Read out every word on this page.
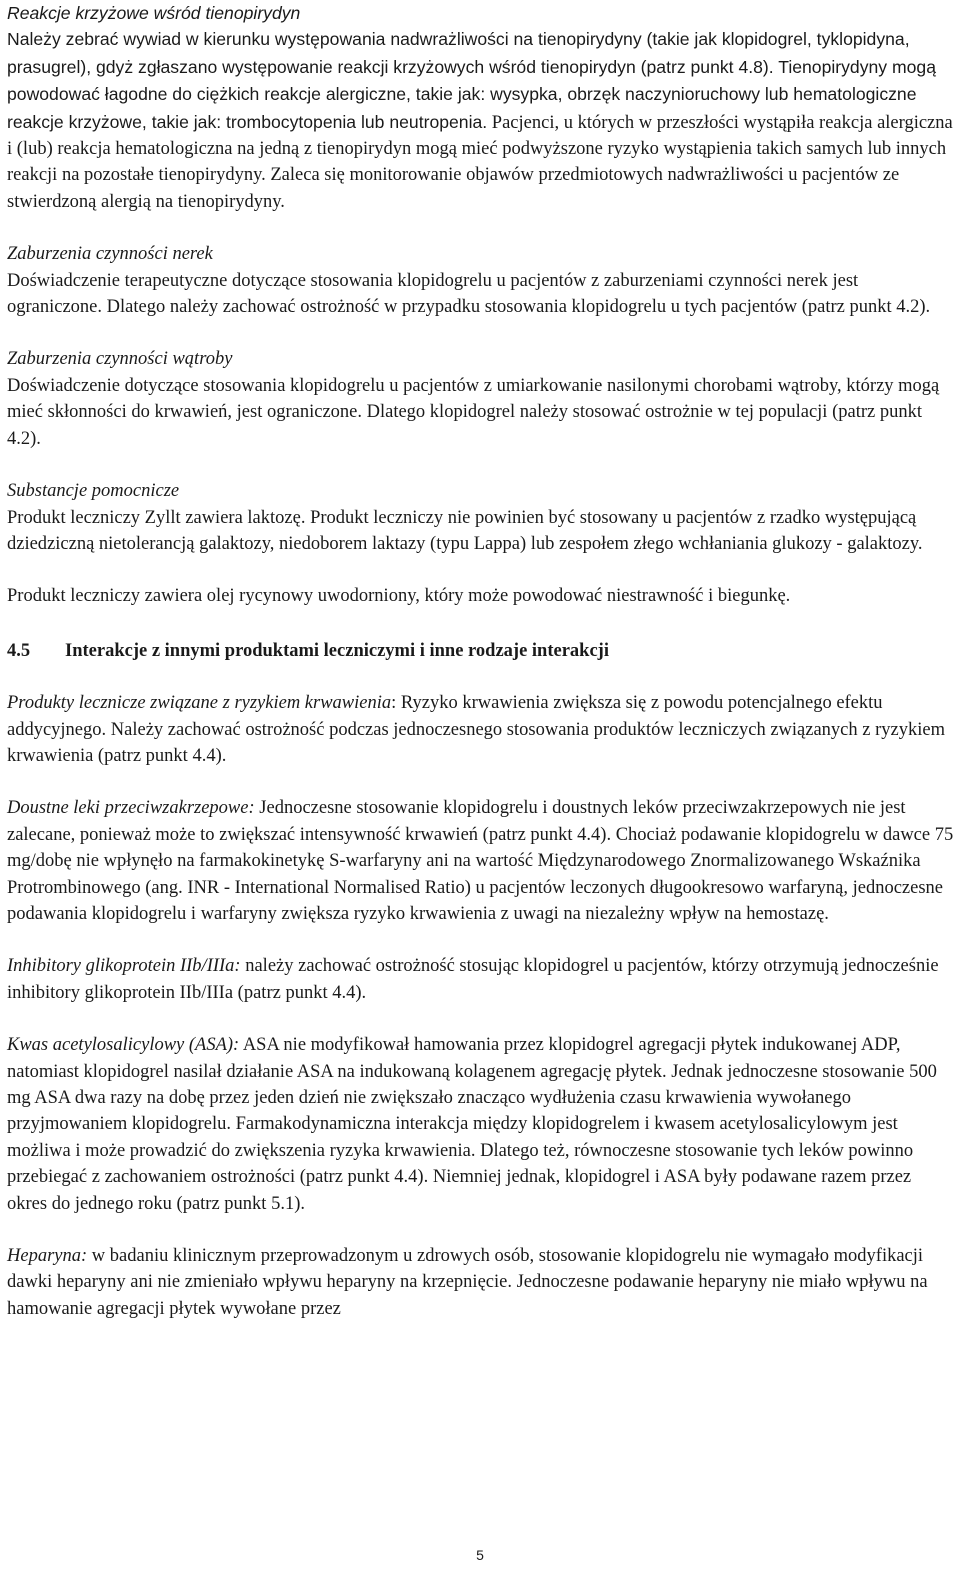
Reakcje krzyżowe wśród tienopirydyn

Należy zebrać wywiad w kierunku występowania nadwrażliwości na tienopirydyny (takie jak klopidogrel, tyklopidyna, prasugrel), gdyż zgłaszano występowanie reakcji krzyżowych wśród tienopirydyn (patrz punkt 4.8). Tienopirydyny mogą powodować łagodne do ciężkich reakcje alergiczne, takie jak: wysypka, obrzęk naczynioruchowy lub hematologiczne reakcje krzyżowe, takie jak: trombocytopenia lub neutropenia. Pacjenci, u których w przeszłości wystąpiła reakcja alergiczna i (lub) reakcja hematologiczna na jedną z tienopirydyn mogą mieć podwyższone ryzyko wystąpienia takich samych lub innych reakcji na pozostałe tienopirydyny. Zaleca się monitorowanie objawów przedmiotowych nadwrażliwości u pacjentów ze stwierdzoną alergią na tienopirydyny.

Zaburzenia czynności nerek

Doświadczenie terapeutyczne dotyczące stosowania klopidogrelu u pacjentów z zaburzeniami czynności nerek jest ograniczone. Dlatego należy zachować ostrożność w przypadku stosowania klopidogrelu u tych pacjentów (patrz punkt 4.2).

Zaburzenia czynności wątroby

Doświadczenie dotyczące stosowania klopidogrelu u pacjentów z umiarkowanie nasilonymi chorobami wątroby, którzy mogą mieć skłonności do krwawień, jest ograniczone. Dlatego klopidogrel należy stosować ostrożnie w tej populacji (patrz punkt 4.2).

Substancje pomocnicze

Produkt leczniczy Zyllt zawiera laktozę. Produkt leczniczy nie powinien być stosowany u pacjentów z rzadko występującą dziedziczną nietolerancją galaktozy, niedoborem laktazy (typu Lappa) lub zespołem złego wchłaniania glukozy - galaktozy.

Produkt leczniczy zawiera olej rycynowy uwodorniony, który może powodować niestrawność i biegunkę.

4.5 Interakcje z innymi produktami leczniczymi i inne rodzaje interakcji

Produkty lecznicze związane z ryzykiem krwawienia: Ryzyko krwawienia zwiększa się z powodu potencjalnego efektu addycyjnego. Należy zachować ostrożność podczas jednoczesnego stosowania produktów leczniczych związanych z ryzykiem krwawienia (patrz punkt 4.4).

Doustne leki przeciwzakrzepowe: Jednoczesne stosowanie klopidogrelu i doustnych leków przeciwzakrzepowych nie jest zalecane, ponieważ może to zwiększać intensywność krwawień (patrz punkt 4.4). Chociaż podawanie klopidogrelu w dawce 75 mg/dobę nie wpłynęło na farmakokinetykę S-warfaryny ani na wartość Międzynarodowego Znormalizowanego Wskaźnika Protrombinowego (ang. INR - International Normalised Ratio) u pacjentów leczonych długookresowo warfaryną, jednoczesne podawania klopidogrelu i warfaryny zwiększa ryzyko krwawienia z uwagi na niezależny wpływ na hemostazę.

Inhibitory glikoprotein IIb/IIIa: należy zachować ostrożność stosując klopidogrel u pacjentów, którzy otrzymują jednocześnie inhibitory glikoprotein IIb/IIIa (patrz punkt 4.4).

Kwas acetylosalicylowy (ASA): ASA nie modyfikował hamowania przez klopidogrel agregacji płytek indukowanej ADP, natomiast klopidogrel nasilał działanie ASA na indukowaną kolagenem agregację płytek. Jednak jednoczesne stosowanie 500 mg ASA dwa razy na dobę przez jeden dzień nie zwiększało znacząco wydłużenia czasu krwawienia wywołanego przyjmowaniem klopidogrelu. Farmakodynamiczna interakcja między klopidogrelem i kwasem acetylosalicylowym jest możliwa i może prowadzić do zwiększenia ryzyka krwawienia. Dlatego też, równoczesne stosowanie tych leków powinno przebiegać z zachowaniem ostrożności (patrz punkt 4.4). Niemniej jednak, klopidogrel i ASA były podawane razem przez okres do jednego roku (patrz punkt 5.1).

Heparyna: w badaniu klinicznym przeprowadzonym u zdrowych osób, stosowanie klopidogrelu nie wymagało modyfikacji dawki heparyny ani nie zmieniało wpływu heparyny na krzepnięcie. Jednoczesne podawanie heparyny nie miało wpływu na hamowanie agregacji płytek wywołane przez

5
